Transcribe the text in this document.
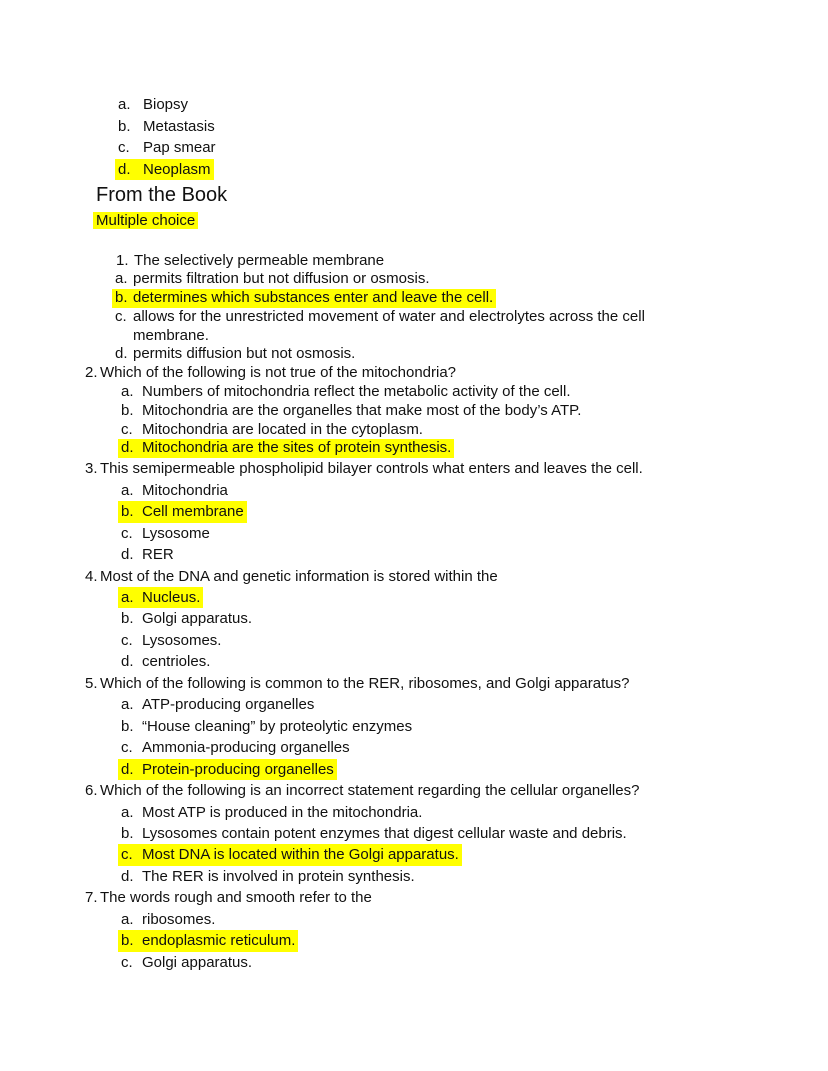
a. Biopsy
b. Metastasis
c. Pap smear
d. Neoplasm
From the Book
Multiple choice
1. The selectively permeable membrane
a. permits filtration but not diffusion or osmosis.
b. determines which substances enter and leave the cell.
c. allows for the unrestricted movement of water and electrolytes across the cell membrane.
d. permits diffusion but not osmosis.
2. Which of the following is not true of the mitochondria?
a. Numbers of mitochondria reflect the metabolic activity of the cell.
b. Mitochondria are the organelles that make most of the body’s ATP.
c. Mitochondria are located in the cytoplasm.
d. Mitochondria are the sites of protein synthesis.
3. This semipermeable phospholipid bilayer controls what enters and leaves the cell.
a. Mitochondria
b. Cell membrane
c. Lysosome
d. RER
4. Most of the DNA and genetic information is stored within the
a. Nucleus.
b. Golgi apparatus.
c. Lysosomes.
d. centrioles.
5. Which of the following is common to the RER, ribosomes, and Golgi apparatus?
a. ATP-producing organelles
b. “House cleaning” by proteolytic enzymes
c. Ammonia-producing organelles
d. Protein-producing organelles
6. Which of the following is an incorrect statement regarding the cellular organelles?
a. Most ATP is produced in the mitochondria.
b. Lysosomes contain potent enzymes that digest cellular waste and debris.
c. Most DNA is located within the Golgi apparatus.
d. The RER is involved in protein synthesis.
7. The words rough and smooth refer to the
a. ribosomes.
b. endoplasmic reticulum.
c. Golgi apparatus.
